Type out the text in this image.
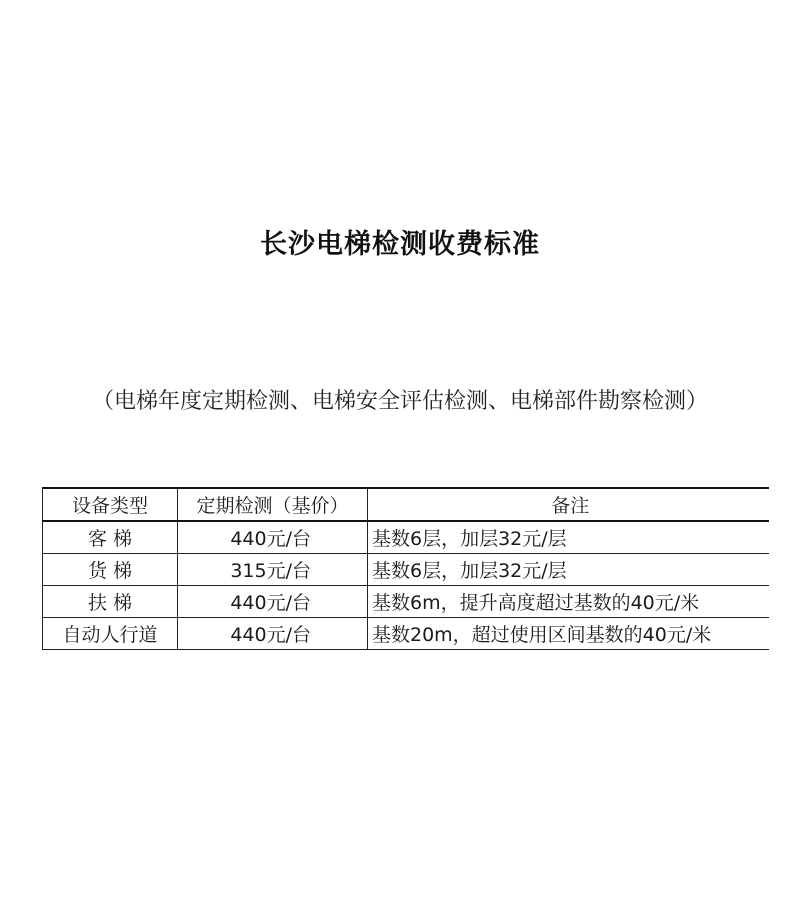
长沙电梯检测收费标准
（电梯年度定期检测、电梯安全评估检测、电梯部件勘察检测）
设备类型	定期检测（基价）	备注
客 梯	440元/台	基数6层，加层32元/层
货 梯	315元/台	基数6层，加层32元/层
扶 梯	440元/台	基数6m，提升高度超过基数的40元/米
自动人行道	440元/台	基数20m，超过使用区间基数的40元/米
